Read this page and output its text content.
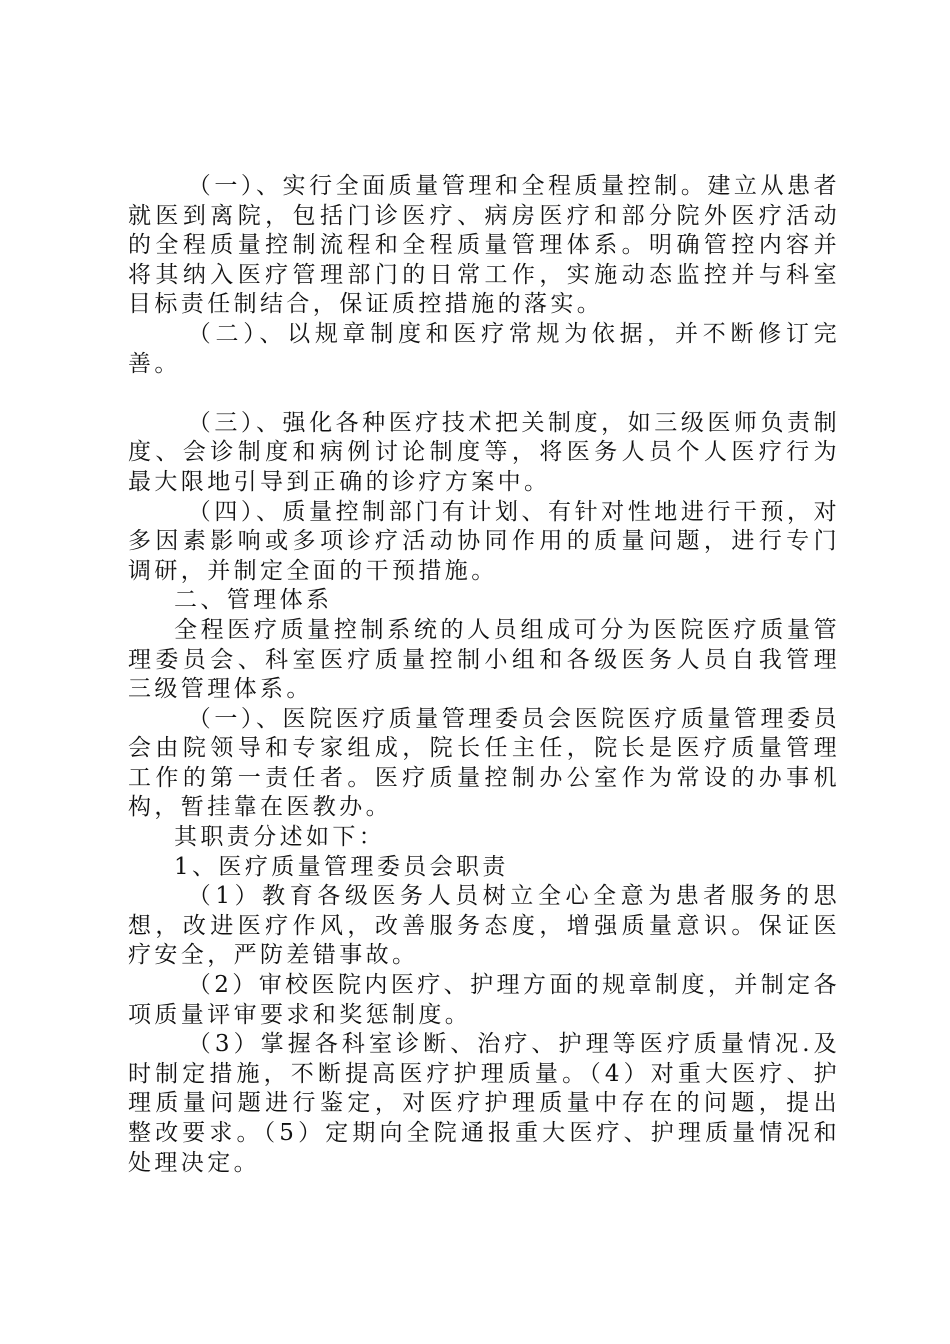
（一）、实行全面质量管理和全程质量控制。建立从患者就医到离院，包括门诊医疗、病房医疗和部分院外医疗活动的全程质量控制流程和全程质量管理体系。明确管控内容并将其纳入医疗管理部门的日常工作，实施动态监控并与科室目标责任制结合，保证质控措施的落实。

（二）、以规章制度和医疗常规为依据，并不断修订完善。

（三）、强化各种医疗技术把关制度，如三级医师负责制度、会诊制度和病例讨论制度等，将医务人员个人医疗行为最大限地引导到正确的诊疗方案中。

（四）、质量控制部门有计划、有针对性地进行干预，对多因素影响或多项诊疗活动协同作用的质量问题，进行专门调研，并制定全面的干预措施。

二、管理体系

全程医疗质量控制系统的人员组成可分为医院医疗质量管理委员会、科室医疗质量控制小组和各级医务人员自我管理三级管理体系。

（一）、医院医疗质量管理委员会医院医疗质量管理委员会由院领导和专家组成，院长任主任，院长是医疗质量管理工作的第一责任者。医疗质量控制办公室作为常设的办事机构，暂挂靠在医教办。

其职责分述如下：

1、医疗质量管理委员会职责

（1）教育各级医务人员树立全心全意为患者服务的思想，改进医疗作风，改善服务态度，增强质量意识。保证医疗安全，严防差错事故。

（2）审校医院内医疗、护理方面的规章制度，并制定各项质量评审要求和奖惩制度。

（3）掌握各科室诊断、治疗、护理等医疗质量情况.及时制定措施，不断提高医疗护理质量。（4）对重大医疗、护理质量问题进行鉴定，对医疗护理质量中存在的问题，提出整改要求。（5）定期向全院通报重大医疗、护理质量情况和处理决定。
